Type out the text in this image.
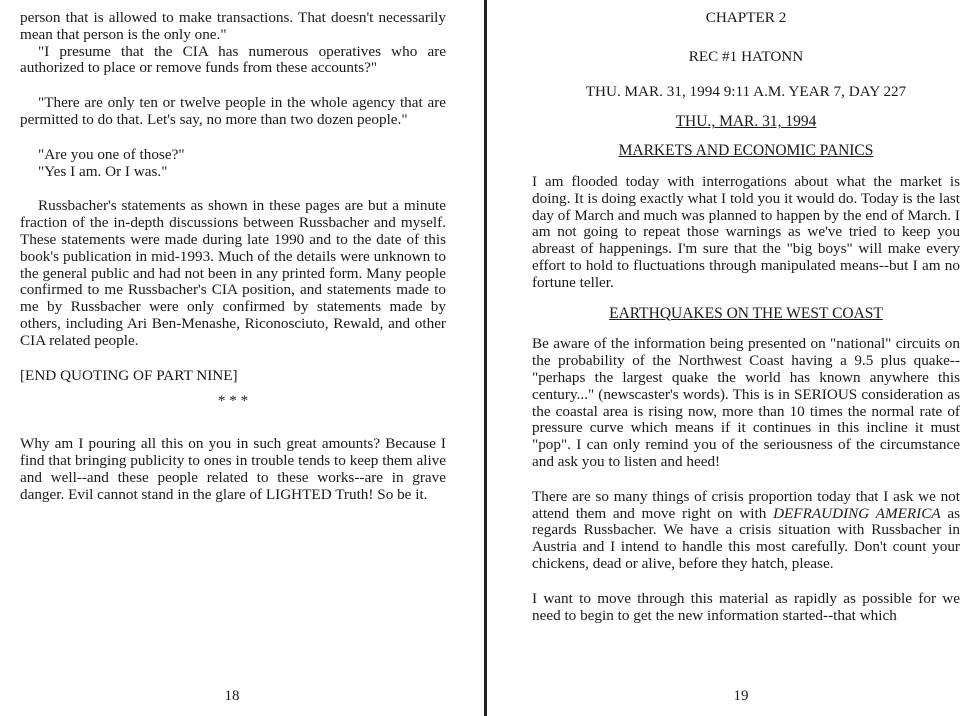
person that is allowed to make transactions. That doesn't necessarily mean that person is the only one."

"I presume that the CIA has numerous operatives who are authorized to place or remove funds from these accounts?"

"There are only ten or twelve people in the whole agency that are permitted to do that. Let's say, no more than two dozen people."

"Are you one of those?"

"Yes I am. Or I was."

Russbacher's statements as shown in these pages are but a minute fraction of the in-depth discussions between Russbacher and myself. These statements were made during late 1990 and to the date of this book's publication in mid-1993. Much of the details were unknown to the general public and had not been in any printed form. Many people confirmed to me Russbacher's CIA position, and statements made to me by Russbacher were only confirmed by statements made by others, including Ari Ben-Menashe, Riconosciuto, Rewald, and other CIA related people.

[END QUOTING OF PART NINE]

* * *

Why am I pouring all this on you in such great amounts? Because I find that bringing publicity to ones in trouble tends to keep them alive and well--and these people related to these works--are in grave danger. Evil cannot stand in the glare of LIGHTED Truth! So be it.

18

CHAPTER 2

REC #1 HATONN

THU. MAR. 31, 1994 9:11 A.M. YEAR 7, DAY 227

THU., MAR. 31, 1994

MARKETS AND ECONOMIC PANICS

I am flooded today with interrogations about what the market is doing. It is doing exactly what I told you it would do. Today is the last day of March and much was planned to happen by the end of March. I am not going to repeat those warnings as we've tried to keep you abreast of happenings. I'm sure that the "big boys" will make every effort to hold to fluctuations through manipulated means--but I am no fortune teller.

EARTHQUAKES ON THE WEST COAST

Be aware of the information being presented on "national" circuits on the probability of the Northwest Coast having a 9.5 plus quake--"perhaps the largest quake the world has known anywhere this century..." (newscaster's words). This is in SERIOUS consideration as the coastal area is rising now, more than 10 times the normal rate of pressure curve which means if it continues in this incline it must "pop". I can only remind you of the seriousness of the circumstance and ask you to listen and heed!

There are so many things of crisis proportion today that I ask we not attend them and move right on with DEFRAUDING AMERICA as regards Russbacher. We have a crisis situation with Russbacher in Austria and I intend to handle this most carefully. Don't count your chickens, dead or alive, before they hatch, please.

I want to move through this material as rapidly as possible for we need to begin to get the new information started--that which

19
